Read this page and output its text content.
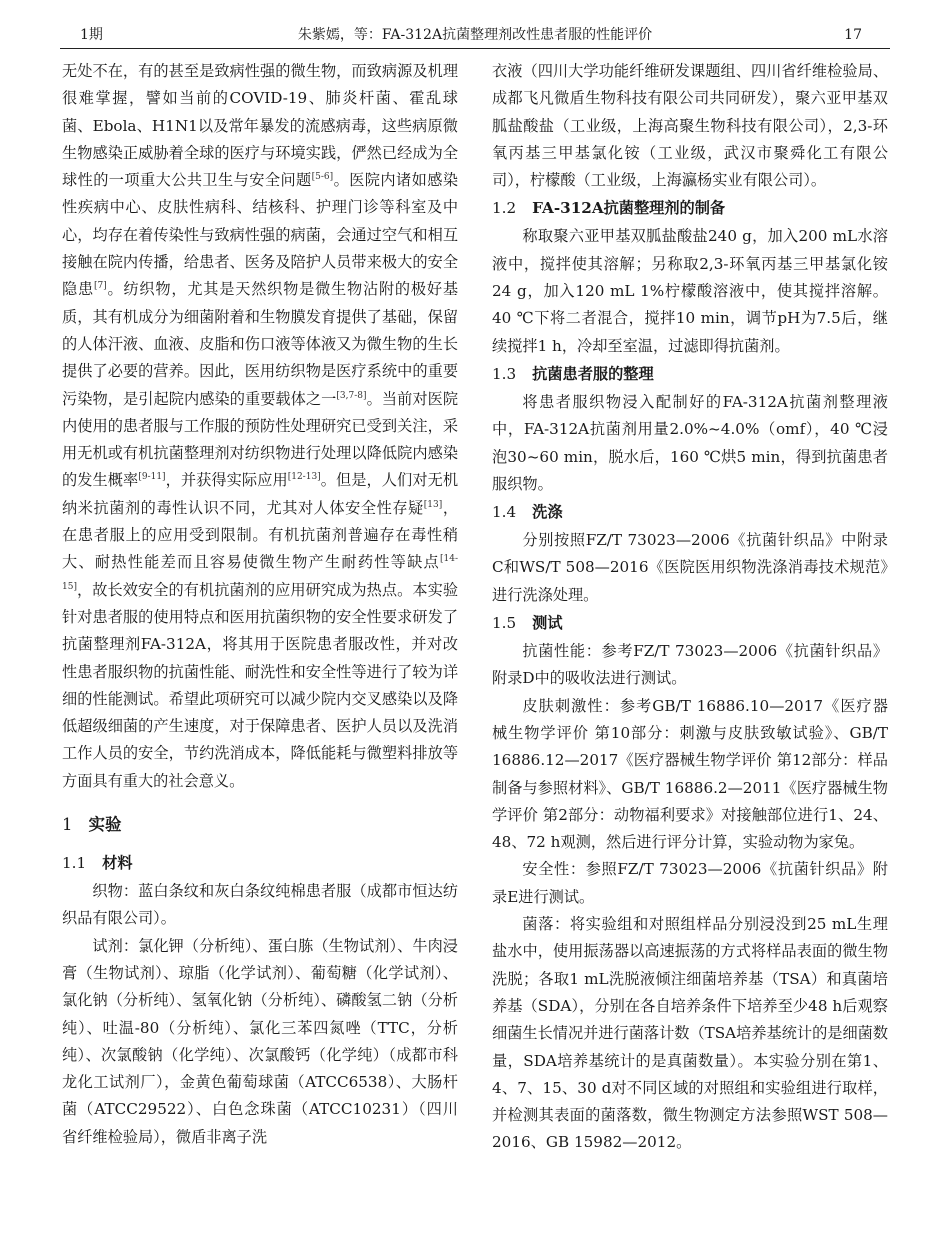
1期	朱紫嫣，等：FA-312A抗菌整理剂改性患者服的性能评价	17

无处不在，有的甚至是致病性强的微生物，而致病源及机理很难掌握，譬如当前的COVID-19、肺炎杆菌、霍乱球菌、Ebola、H1N1以及常年暴发的流感病毒，这些病原微生物感染正威胁着全球的医疗与环境实践，俨然已经成为全球性的一项重大公共卫生与安全问题[5-6]。医院内诸如感染性疾病中心、皮肤性病科、结核科、护理门诊等科室及中心，均存在着传染性与致病性强的病菌，会通过空气和相互接触在院内传播，给患者、医务及陪护人员带来极大的安全隐患[7]。纺织物，尤其是天然织物是微生物沾附的极好基质，其有机成分为细菌附着和生物膜发育提供了基础，保留的人体汗液、血液、皮脂和伤口液等体液又为微生物的生长提供了必要的营养。因此，医用纺织物是医疗系统中的重要污染物，是引起院内感染的重要载体之一[3,7-8]。当前对医院内使用的患者服与工作服的预防性处理研究已受到关注，采用无机或有机抗菌整理剂对纺织物进行处理以降低院内感染的发生概率[9-11]，并获得实际应用[12-13]。但是，人们对无机纳米抗菌剂的毒性认识不同，尤其对人体安全性存疑[13]，在患者服上的应用受到限制。有机抗菌剂普遍存在毒性稍大、耐热性能差而且容易使微生物产生耐药性等缺点[14-15]，故长效安全的有机抗菌剂的应用研究成为热点。本实验针对患者服的使用特点和医用抗菌织物的安全性要求研发了抗菌整理剂FA-312A，将其用于医院患者服改性，并对改性患者服织物的抗菌性能、耐洗性和安全性等进行了较为详细的性能测试。希望此项研究可以减少院内交叉感染以及降低超级细菌的产生速度，对于保障患者、医护人员以及洗消工作人员的安全，节约洗消成本，降低能耗与微塑料排放等方面具有重大的社会意义。

1 实验
1.1 材料

织物：蓝白条纹和灰白条纹纯棉患者服（成都市恒达纺织品有限公司）。

试剂：氯化钾（分析纯）、蛋白胨（生物试剂）、牛肉浸膏（生物试剂）、琼脂（化学试剂）、葡萄糖（化学试剂）、氯化钠（分析纯）、氢氧化钠（分析纯）、磷酸氢二钠（分析纯）、吐温-80（分析纯）、氯化三苯四氮唑（TTC，分析纯）、次氯酸钠（化学纯）、次氯酸钙（化学纯）（成都市科龙化工试剂厂），金黄色葡萄球菌（ATCC6538）、大肠杆菌（ATCC29522）、白色念珠菌（ATCC10231）（四川省纤维检验局），微盾非离子洗

衣液（四川大学功能纤维研发课题组、四川省纤维检验局、成都飞凡微盾生物科技有限公司共同研发），聚六亚甲基双胍盐酸盐（工业级，上海高聚生物科技有限公司），2,3-环氧丙基三甲基氯化铵（工业级，武汉市聚舜化工有限公司），柠檬酸（工业级，上海瀛杨实业有限公司）。

1.2 FA-312A抗菌整理剂的制备

称取聚六亚甲基双胍盐酸盐240 g，加入200 mL水溶液中，搅拌使其溶解；另称取2,3-环氧丙基三甲基氯化铵24 g，加入120 mL 1%柠檬酸溶液中，使其搅拌溶解。40 ℃下将二者混合，搅拌10 min，调节pH为7.5后，继续搅拌1 h，冷却至室温，过滤即得抗菌剂。

1.3 抗菌患者服的整理

将患者服织物浸入配制好的FA-312A抗菌剂整理液中，FA-312A抗菌剂用量2.0%~4.0%（omf），40 ℃浸泡30~60 min，脱水后，160 ℃烘5 min，得到抗菌患者服织物。

1.4 洗涤

分别按照FZ/T 73023—2006《抗菌针织品》中附录C和WS/T 508—2016《医院医用织物洗涤消毒技术规范》进行洗涤处理。

1.5 测试

抗菌性能：参考FZ/T 73023—2006《抗菌针织品》附录D中的吸收法进行测试。

皮肤刺激性：参考GB/T 16886.10—2017《医疗器械生物学评价 第10部分：刺激与皮肤致敏试验》、GB/T 16886.12—2017《医疗器械生物学评价 第12部分：样品制备与参照材料》、GB/T 16886.2—2011《医疗器械生物学评价 第2部分：动物福利要求》对接触部位进行1、24、48、72 h观测，然后进行评分计算，实验动物为家兔。

安全性：参照FZ/T 73023—2006《抗菌针织品》附录E进行测试。

菌落：将实验组和对照组样品分别浸没到25 mL生理盐水中，使用振荡器以高速振荡的方式将样品表面的微生物洗脱；各取1 mL洗脱液倾注细菌培养基（TSA）和真菌培养基（SDA），分别在各自培养条件下培养至少48 h后观察细菌生长情况并进行菌落计数（TSA培养基统计的是细菌数量，SDA培养基统计的是真菌数量）。本实验分别在第1、4、7、15、30 d对不同区域的对照组和实验组进行取样，并检测其表面的菌落数，微生物测定方法参照WST 508—2016、GB 15982—2012。
